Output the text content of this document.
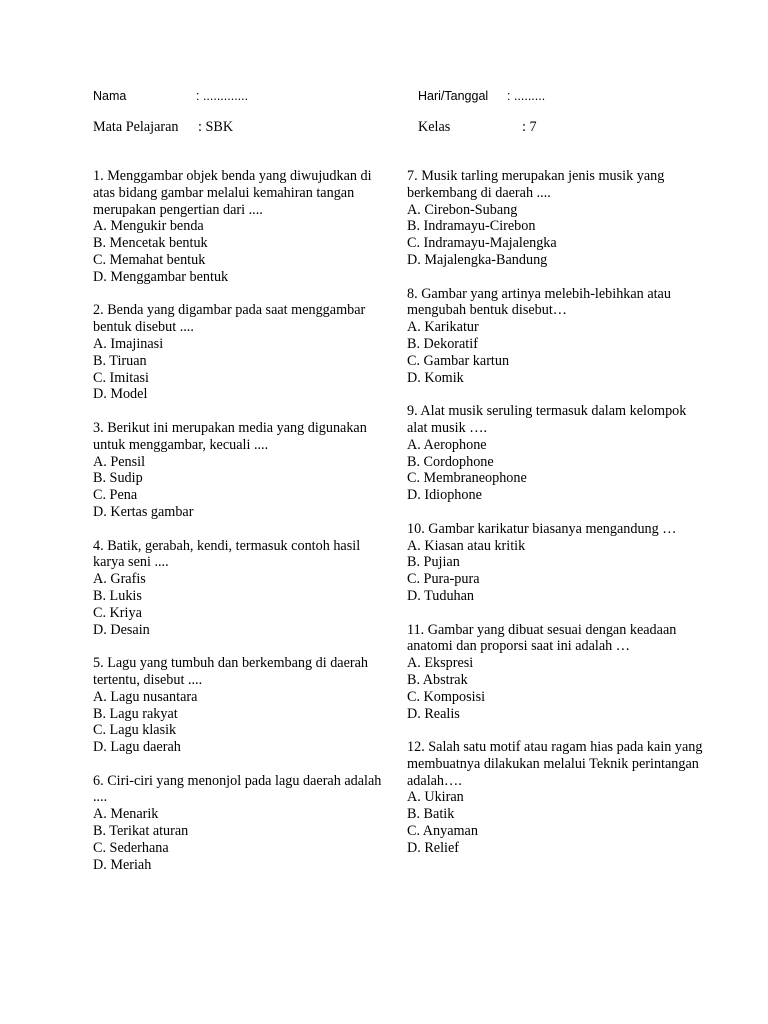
Nama	: .............	Hari/Tanggal : .........
Mata Pelajaran : SBK	Kelas	: 7

1. Menggambar objek benda yang diwujudkan di atas bidang gambar melalui kemahiran tangan merupakan pengertian dari ....

A. Mengukir benda
B. Mencetak bentuk
C. Memahat bentuk
D. Menggambar bentuk

2. Benda yang digambar pada saat menggambar bentuk disebut ....

A. Imajinasi
B. Tiruan
C. Imitasi
D. Model

3. Berikut ini merupakan media yang digunakan untuk menggambar, kecuali ....

A. Pensil
B. Sudip
C. Pena
D. Kertas gambar

4. Batik, gerabah, kendi, termasuk contoh hasil karya seni ....

A. Grafis
B. Lukis
C. Kriya
D. Desain

5. Lagu yang tumbuh dan berkembang di daerah tertentu, disebut ....

A. Lagu nusantara
B. Lagu rakyat
C. Lagu klasik
D. Lagu daerah

6. Ciri-ciri yang menonjol pada lagu daerah adalah ....

A. Menarik
B. Terikat aturan
C. Sederhana
D. Meriah

7. Musik tarling merupakan jenis musik yang berkembang di daerah ....

A. Cirebon-Subang
B. Indramayu-Cirebon
C. Indramayu-Majalengka
D. Majalengka-Bandung

8. Gambar yang artinya melebih-lebihkan atau mengubah bentuk disebut…

A. Karikatur
B. Dekoratif
C. Gambar kartun
D. Komik

9. Alat musik seruling termasuk dalam kelompok alat musik ….

A. Aerophone
B. Cordophone
C. Membraneophone
D. Idiophone

10. Gambar karikatur biasanya mengandung …

A. Kiasan atau kritik
B. Pujian
C. Pura-pura
D. Tuduhan

11. Gambar yang dibuat sesuai dengan keadaan anatomi dan proporsi saat ini adalah …

A. Ekspresi
B. Abstrak
C. Komposisi
D. Realis

12. Salah satu motif atau ragam hias pada kain yang membuatnya dilakukan melalui Teknik perintangan adalah….

A. Ukiran
B. Batik
C. Anyaman
D. Relief
